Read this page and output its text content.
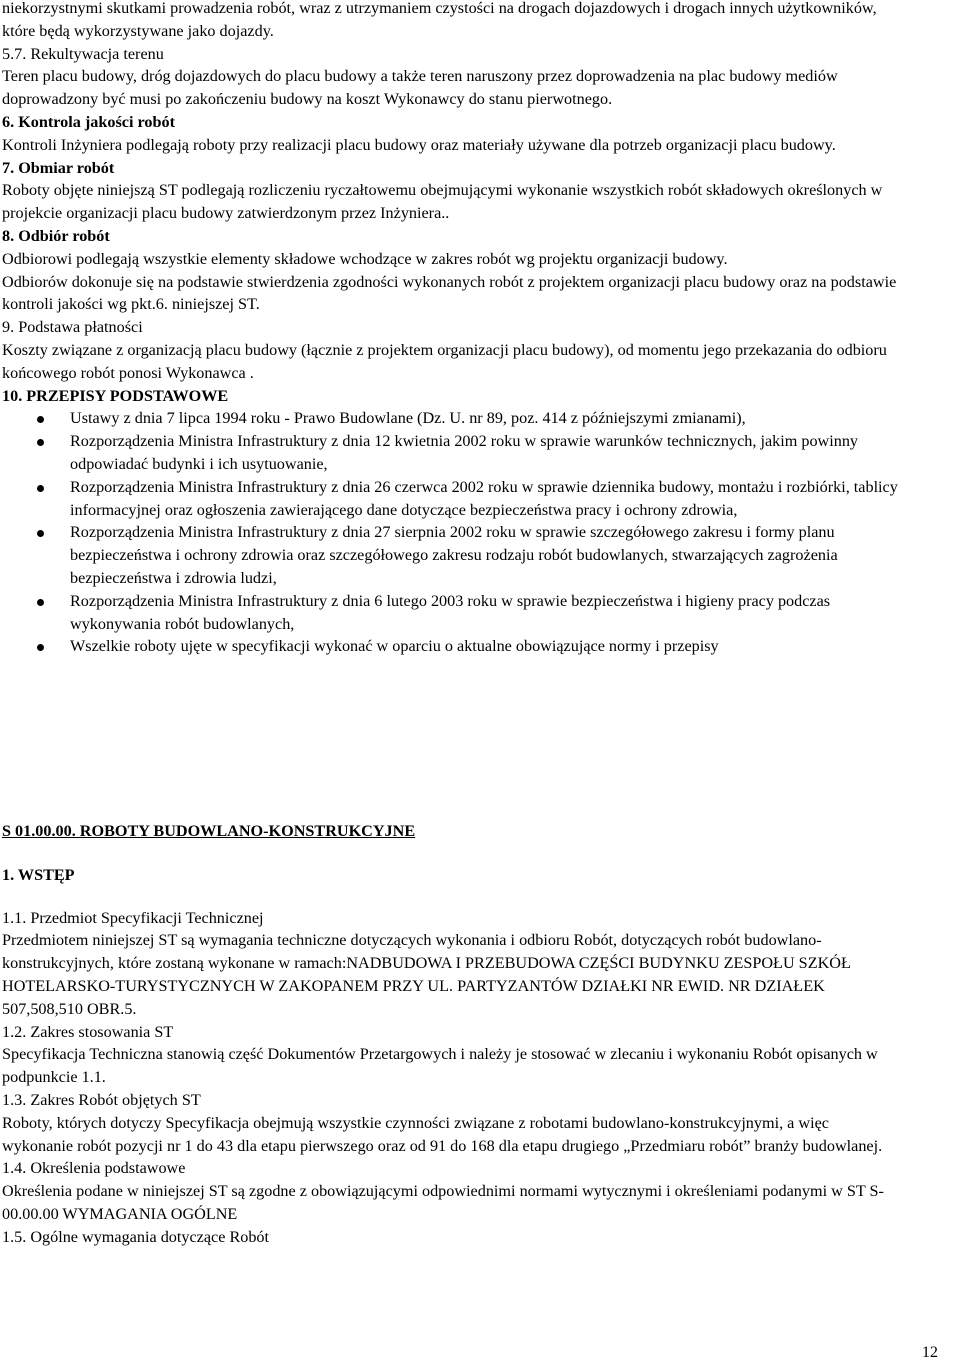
niekorzystnymi skutkami prowadzenia robót, wraz z utrzymaniem czystości na drogach dojazdowych i drogach innych użytkowników, które będą wykorzystywane jako dojazdy.

5.7. Rekultywacja terenu

Teren placu budowy, dróg dojazdowych do placu budowy a także teren naruszony przez doprowadzenia na plac budowy mediów doprowadzony być musi po zakończeniu budowy na koszt Wykonawcy do stanu pierwotnego.

6. Kontrola jakości robót

Kontroli Inżyniera podlegają roboty przy realizacji placu budowy oraz materiały używane dla potrzeb organizacji placu budowy.

7. Obmiar robót

Roboty objęte niniejszą ST podlegają rozliczeniu ryczałtowemu obejmującymi wykonanie wszystkich robót składowych określonych w projekcie organizacji placu budowy zatwierdzonym przez Inżyniera..

8. Odbiór robót

Odbiorowi podlegają wszystkie elementy składowe wchodzące w zakres robót wg projektu organizacji budowy.

Odbiorów dokonuje się na podstawie stwierdzenia zgodności wykonanych robót z projektem organizacji placu budowy oraz na podstawie kontroli jakości wg pkt.6. niniejszej ST.

9. Podstawa płatności

Koszty związane z organizacją placu budowy (łącznie z projektem organizacji placu budowy), od momentu jego przekazania do odbioru końcowego robót ponosi Wykonawca .

10. PRZEPISY PODSTAWOWE

Ustawy z dnia 7 lipca 1994 roku - Prawo Budowlane (Dz. U. nr 89, poz. 414 z późniejszymi zmianami),
Rozporządzenia Ministra Infrastruktury z dnia 12 kwietnia 2002 roku w sprawie warunków technicznych, jakim powinny odpowiadać budynki i ich usytuowanie,
Rozporządzenia Ministra Infrastruktury z dnia 26 czerwca 2002 roku w sprawie dziennika budowy, montażu i rozbiórki, tablicy informacyjnej oraz ogłoszenia zawierającego dane dotyczące bezpieczeństwa pracy i ochrony zdrowia,
Rozporządzenia Ministra Infrastruktury z dnia 27 sierpnia 2002 roku w sprawie szczegółowego zakresu i formy planu bezpieczeństwa i ochrony zdrowia oraz szczegółowego zakresu rodzaju robót budowlanych, stwarzających zagrożenia bezpieczeństwa i zdrowia ludzi,
Rozporządzenia Ministra Infrastruktury z dnia 6 lutego 2003 roku w sprawie bezpieczeństwa i higieny pracy podczas wykonywania robót budowlanych,
Wszelkie roboty ujęte w specyfikacji wykonać w oparciu o aktualne obowiązujące normy i przepisy

S 01.00.00. ROBOTY BUDOWLANO-KONSTRUKCYJNE

1. WSTĘP

1.1. Przedmiot Specyfikacji Technicznej

Przedmiotem niniejszej ST są wymagania techniczne dotyczących wykonania i odbioru Robót, dotyczących robót budowlano-konstrukcyjnych, które zostaną wykonane w ramach:NADBUDOWA I PRZEBUDOWA CZĘŚCI BUDYNKU ZESPOŁU SZKÓŁ HOTELARSKO-TURYSTYCZNYCH W ZAKOPANEM PRZY UL. PARTYZANTÓW DZIAŁKI NR EWID. NR DZIAŁEK 507,508,510 OBR.5.

1.2. Zakres stosowania ST

Specyfikacja Techniczna stanowią część Dokumentów Przetargowych i należy je stosować w zlecaniu i wykonaniu Robót opisanych w podpunkcie 1.1.

1.3. Zakres Robót objętych ST

Roboty, których dotyczy Specyfikacja obejmują wszystkie czynności związane z robotami budowlano-konstrukcyjnymi, a więc wykonanie robót pozycji nr 1 do 43 dla etapu pierwszego oraz od 91 do 168 dla etapu drugiego „Przedmiaru robót” branży budowlanej.

1.4. Określenia podstawowe

Określenia podane w niniejszej ST są zgodne z obowiązującymi odpowiednimi normami wytycznymi i określeniami podanymi w ST S-00.00.00 WYMAGANIA OGÓLNE

1.5. Ogólne wymagania dotyczące Robót

12
